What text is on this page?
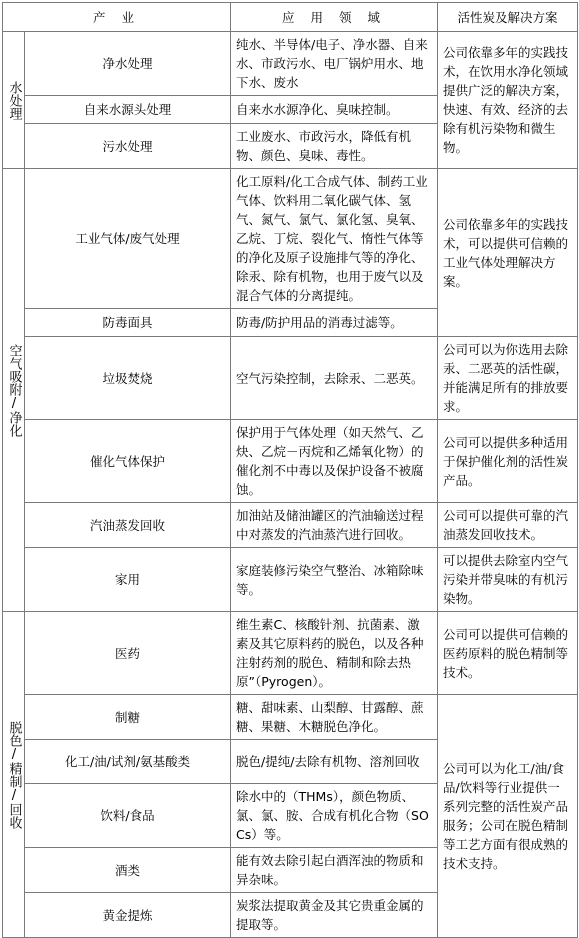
产 业		应 用 领 域	活性炭及解决方案
水处理	净水处理	纯水、半导体/电子、净水器、自来水、市政污水、电厂锅炉用水、地下水、废水	公司依靠多年的实践技术，在饮用水净化领域提供广泛的解决方案，快速、有效、经济的去除有机污染物和微生物。
	自来水源头处理	自来水水源净化、臭味控制。	
	污水处理	工业废水、市政污水，降低有机物、颜色、臭味、毒性。	
空气吸附/净化	工业气体/废气处理	化工原料/化工合成气体、制药工业气体、饮料用二氧化碳气体、氢气、氮气、氯气、氯化氢、臭氧、乙烷、丁烷、裂化气、惰性气体等的净化及原子设施排气等的净化、除汞、除有机物，也用于废气以及混合气体的分离提纯。	公司依靠多年的实践技术，可以提供可信赖的工业气体处理解决方案。
	防毒面具	防毒/防护用品的消毒过滤等。	
	垃圾焚烧	空气污染控制，去除汞、二恶英。	公司可以为你选用去除汞、二恶英的活性碳，并能满足所有的排放要求。
	催化气体保护	保护用于气体处理（如天然气、乙炔、乙烷－丙烷和乙烯氧化物）的催化剂不中毒以及保护设备不被腐蚀。	公司可以提供多种适用于保护催化剂的活性炭产品。
	汽油蒸发回收	加油站及储油罐区的汽油输送过程中对蒸发的汽油蒸汽进行回收。	公司可以提供可靠的汽油蒸发回收技术。
	家用	家庭装修污染空气整治、冰箱除味等。	可以提供去除室内空气污染并带臭味的有机污染物。
脱色/精制/回收	医药	维生素C、核酸针剂、抗菌素、激素及其它原料药的脱色，以及各种注射药剂的脱色、精制和除去热原”（Pyrogen）。	公司可以提供可信赖的医药原料的脱色精制等技术。
	制糖	糖、甜味素、山梨醇、甘露醇、蔗糖、果糖、木糖脱色净化。	公司可以为化工/油/食品/饮料等行业提供一系列完整的活性炭产品服务；公司在脱色精制等工艺方面有很成熟的技术支持。
	化工/油/试剂/氨基酸类	脱色/提纯/去除有机物、溶剂回收	
	饮料/食品	除水中的（THMs），颜色物质、氯、氯、胺、合成有机化合物（SOCs）等。	
	酒类	能有效去除引起白酒浑浊的物质和异杂味。	
	黄金提炼	炭浆法提取黄金及其它贵重金属的提取等。	
